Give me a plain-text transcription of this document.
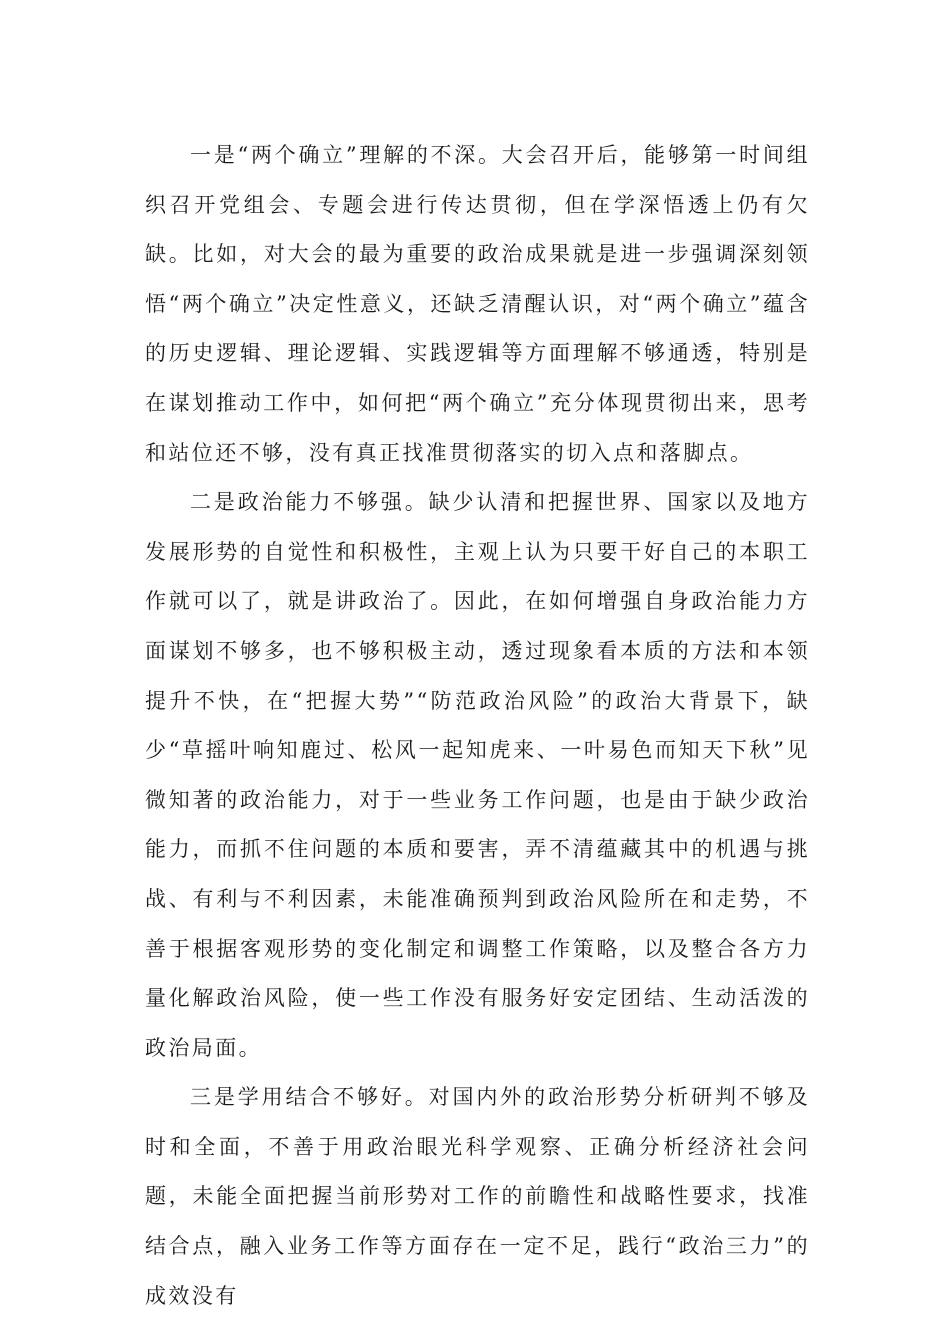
一是“两个确立”理解的不深。大会召开后，能够第一时间组织召开党组会、专题会进行传达贯彻，但在学深悟透上仍有欠缺。比如，对大会的最为重要的政治成果就是进一步强调深刻领悟“两个确立”决定性意义，还缺乏清醒认识，对“两个确立”蕴含的历史逻辑、理论逻辑、实践逻辑等方面理解不够通透，特别是在谋划推动工作中，如何把“两个确立”充分体现贯彻出来，思考和站位还不够，没有真正找准贯彻落实的切入点和落脚点。

二是政治能力不够强。缺少认清和把握世界、国家以及地方发展形势的自觉性和积极性，主观上认为只要干好自己的本职工作就可以了，就是讲政治了。因此，在如何增强自身政治能力方面谋划不够多，也不够积极主动，透过现象看本质的方法和本领提升不快，在“把握大势”“防范政治风险”的政治大背景下，缺少“草摇叶响知鹿过、松风一起知虎来、一叶易色而知天下秋”见微知著的政治能力，对于一些业务工作问题，也是由于缺少政治能力，而抓不住问题的本质和要害，弄不清蕴藏其中的机遇与挑战、有利与不利因素，未能准确预判到政治风险所在和走势，不善于根据客观形势的变化制定和调整工作策略，以及整合各方力量化解政治风险，使一些工作没有服务好安定团结、生动活泼的政治局面。

三是学用结合不够好。对国内外的政治形势分析研判不够及时和全面，不善于用政治眼光科学观察、正确分析经济社会问题，未能全面把握当前形势对工作的前瞻性和战略性要求，找准结合点，融入业务工作等方面存在一定不足，践行“政治三力”的成效没有
